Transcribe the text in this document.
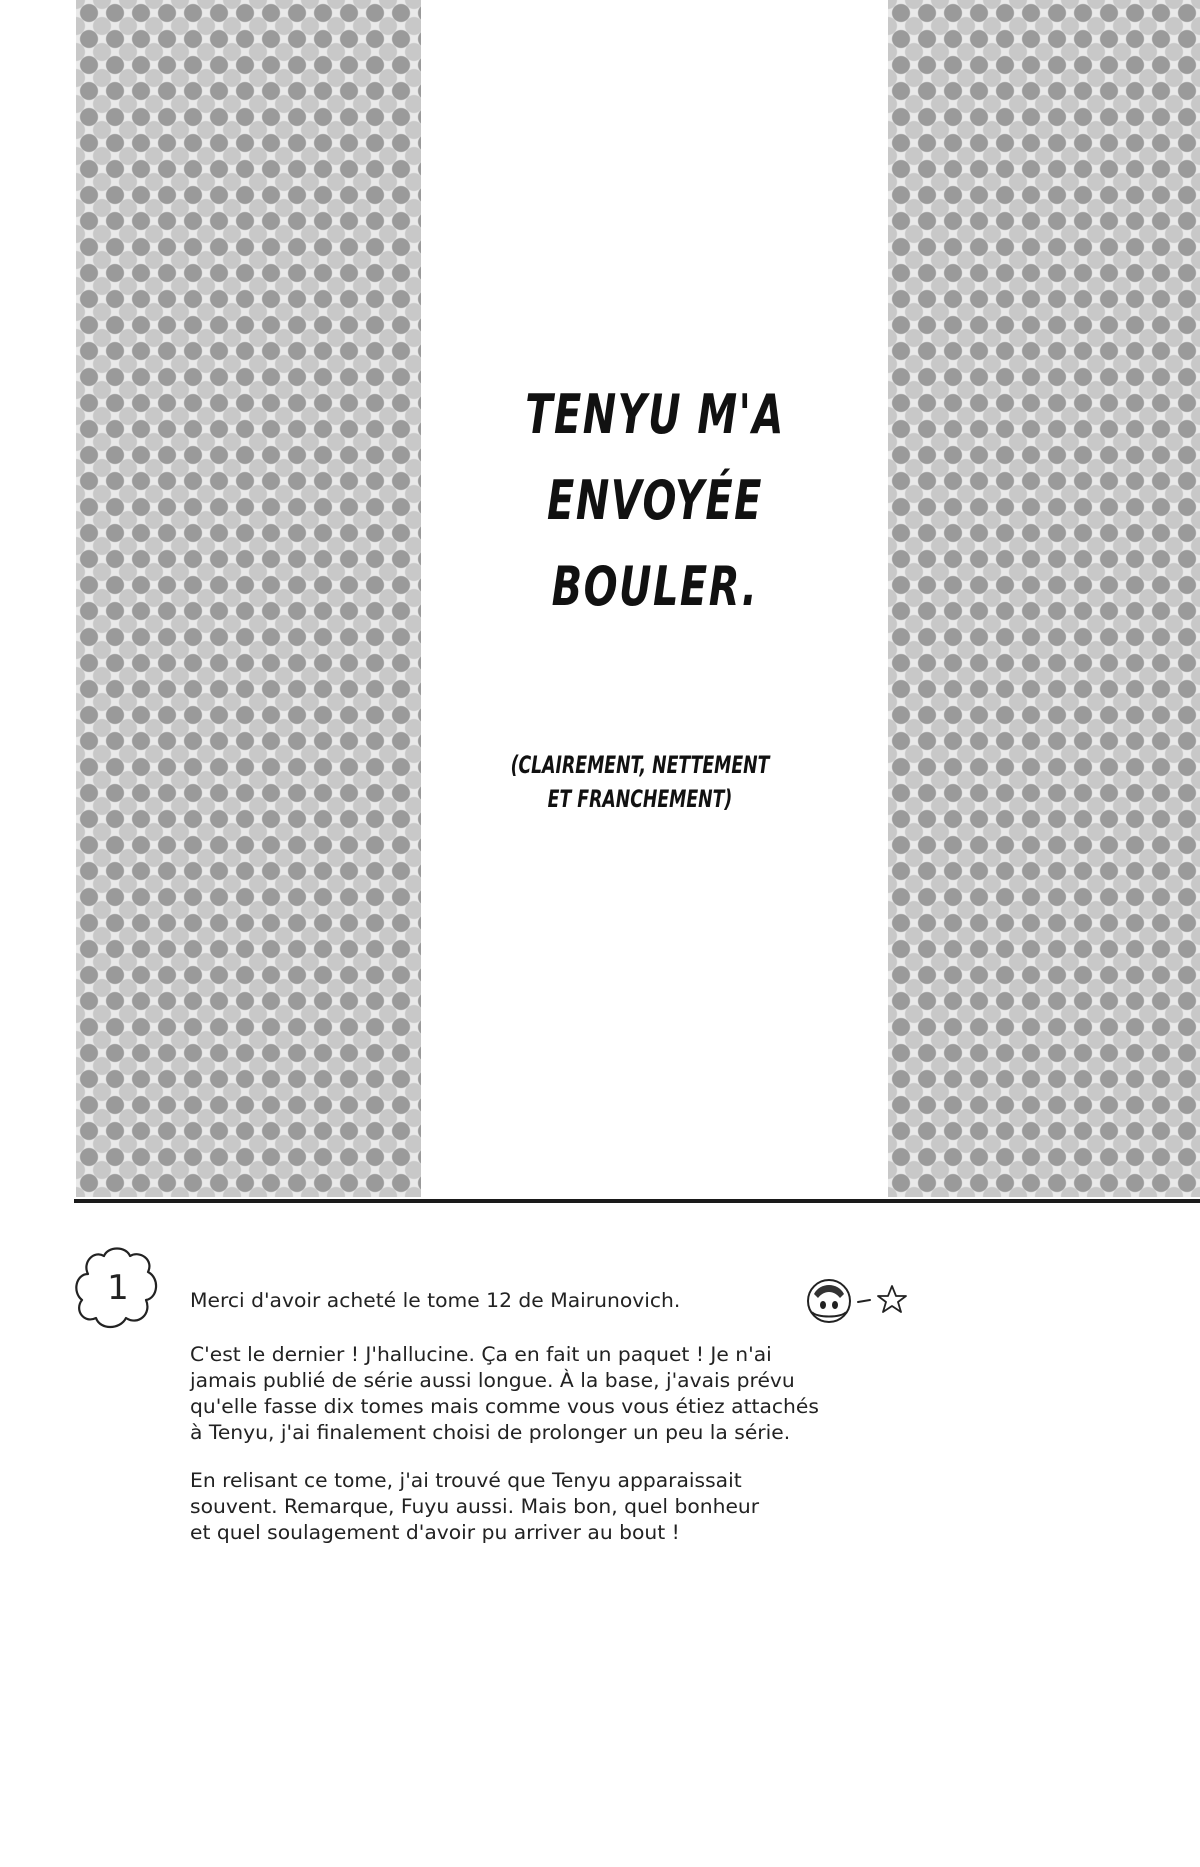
TENYU M'A
ENVOYÉE
BOULER.
(CLAIREMENT, NETTEMENT
ET FRANCHEMENT)
1	Merci d'avoir acheté le tome 12 de Mairunovich.

C'est le dernier ! J'hallucine. Ça en fait un paquet ! Je n'ai
jamais publié de série aussi longue. À la base, j'avais prévu
qu'elle fasse dix tomes mais comme vous vous étiez attachés
à Tenyu, j'ai finalement choisi de prolonger un peu la série.

En relisant ce tome, j'ai trouvé que Tenyu apparaissait
souvent. Remarque, Fuyu aussi. Mais bon, quel bonheur
et quel soulagement d'avoir pu arriver au bout !
